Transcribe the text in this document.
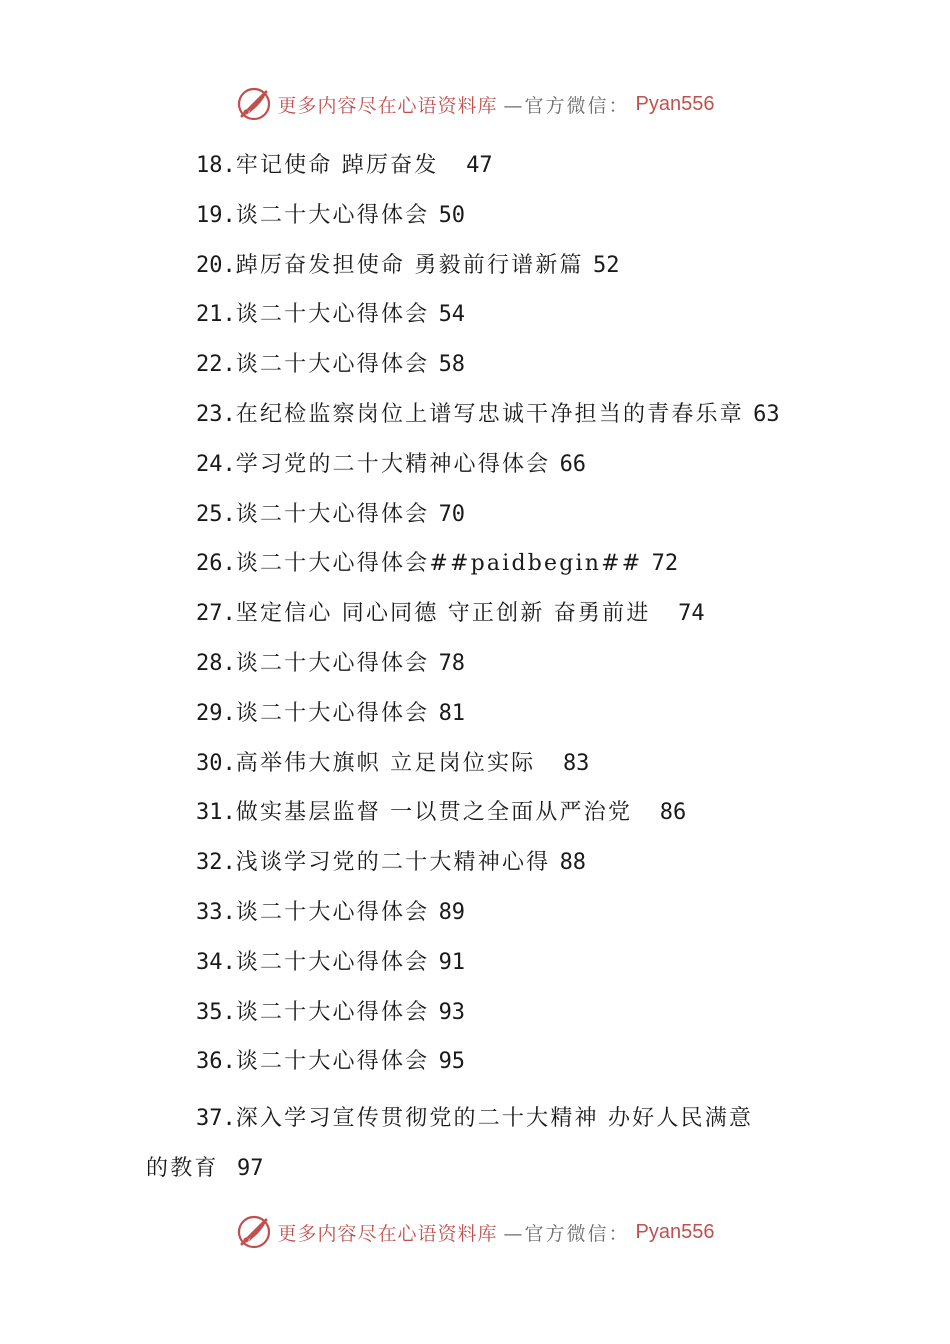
更多内容尽在心语资料库 —官方微信： Pyan556
18.牢记使命 踔厉奋发   47
19.谈二十大心得体会 50
20.踔厉奋发担使命 勇毅前行谱新篇 52
21.谈二十大心得体会 54
22.谈二十大心得体会 58
23.在纪检监察岗位上谱写忠诚干净担当的青春乐章 63
24.学习党的二十大精神心得体会 66
25.谈二十大心得体会 70
26.谈二十大心得体会##paidbegin## 72
27.坚定信心 同心同德 守正创新 奋勇前进   74
28.谈二十大心得体会 78
29.谈二十大心得体会 81
30.高举伟大旗帜 立足岗位实际   83
31.做实基层监督 一以贯之全面从严治党   86
32.浅谈学习党的二十大精神心得 88
33.谈二十大心得体会 89
34.谈二十大心得体会 91
35.谈二十大心得体会 93
36.谈二十大心得体会 95
37.深入学习宣传贯彻党的二十大精神 办好人民满意
的教育  97
更多内容尽在心语资料库 —官方微信： Pyan556
